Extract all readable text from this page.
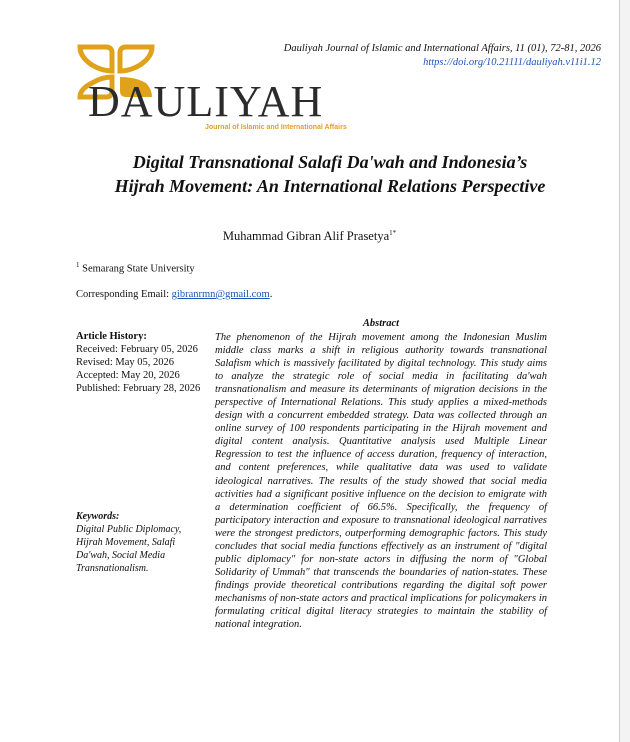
Dauliyah Journal of Islamic and International Affairs, 11 (01), 72-81, 2026
https://doi.org/10.21111/dauliyah.v11i1.12
DAULIYAH
Journal of Islamic and International Affairs
Digital Transnational Salafi Da'wah and Indonesia’s
Hijrah Movement: An International Relations Perspective
Muhammad Gibran Alif Prasetya$^{1*}$
$^1$ Semarang State University
Corresponding Email: gibranrmn@gmail.com.
Article History:
Received: February 05, 2026
Revised: May 05, 2026
Accepted: May 20, 2026
Published: February 28, 2026
Keywords:
Digital Public Diplomacy, Hijrah Movement, Salafi Da'wah, Social Media Transnationalism.
Abstract
The phenomenon of the Hijrah movement among the Indonesian Muslim middle class marks a shift in religious authority towards transnational Salafism which is massively facilitated by digital technology. This study aims to analyze the strategic role of social media in facilitating da'wah transnationalism and measure its determinants of migration decisions in the perspective of International Relations. This study applies a mixed-methods design with a concurrent embedded strategy. Data was collected through an online survey of 100 respondents participating in the Hijrah movement and digital content analysis. Quantitative analysis used Multiple Linear Regression to test the influence of access duration, frequency of interaction, and content preferences, while qualitative data was used to validate ideological narratives. The results of the study showed that social media activities had a significant positive influence on the decision to emigrate with a determination coefficient of 66.5%. Specifically, the frequency of participatory interaction and exposure to transnational ideological narratives were the strongest predictors, outperforming demographic factors. This study concludes that social media functions effectively as an instrument of "digital public diplomacy" for non-state actors in diffusing the norm of "Global Solidarity of Ummah" that transcends the boundaries of nation-states. These findings provide theoretical contributions regarding the digital soft power mechanisms of non-state actors and practical implications for policymakers in formulating critical digital literacy strategies to maintain the stability of national integration.
